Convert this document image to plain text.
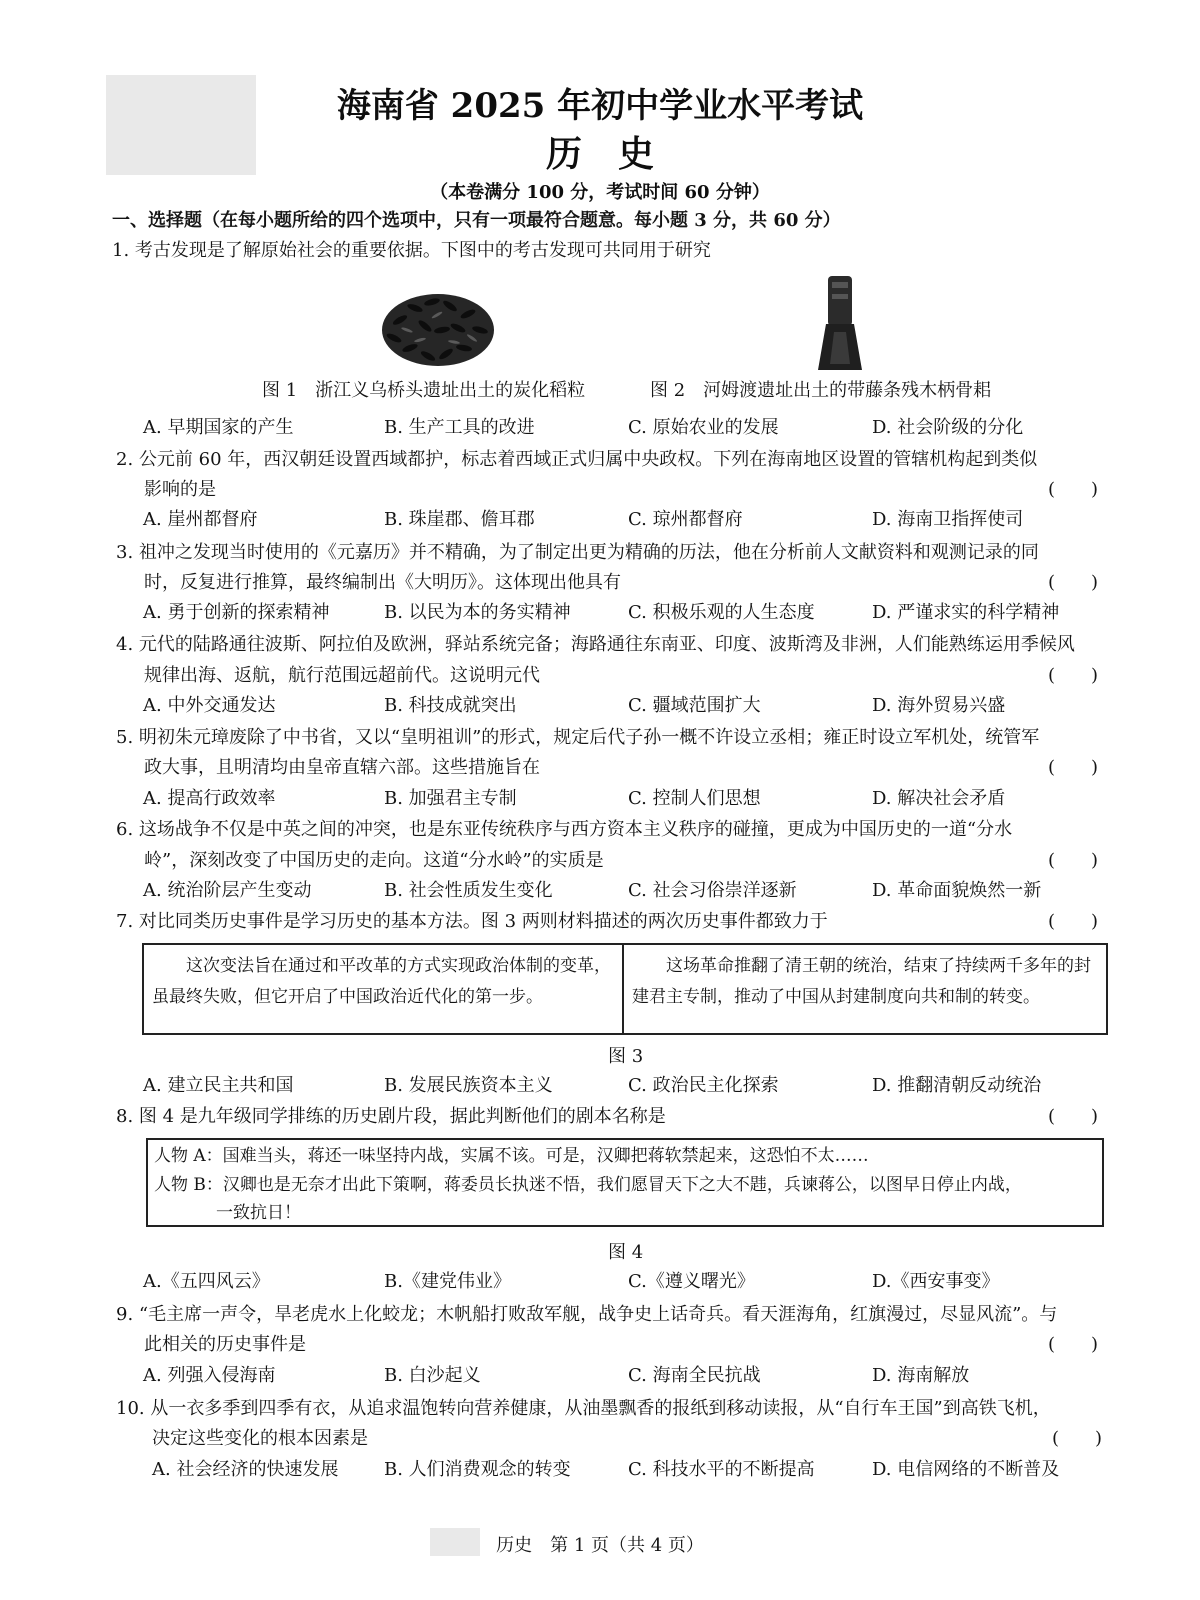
海南省 2025 年初中学业水平考试
历　史
（本卷满分 100 分，考试时间 60 分钟）
一、选择题（在每小题所给的四个选项中，只有一项最符合题意。每小题 3 分，共 60 分）
1. 考古发现是了解原始社会的重要依据。下图中的考古发现可共同用于研究
图 1　浙江义乌桥头遗址出土的炭化稻粒	图 2　河姆渡遗址出土的带藤条残木柄骨耜
A. 早期国家的产生	B. 生产工具的改进	C. 原始农业的发展	D. 社会阶级的分化
2. 公元前 60 年，西汉朝廷设置西域都护，标志着西域正式归属中央政权。下列在海南地区设置的管辖机构起到类似
影响的是	(　　)
A. 崖州都督府	B. 珠崖郡、儋耳郡	C. 琼州都督府	D. 海南卫指挥使司
3. 祖冲之发现当时使用的《元嘉历》并不精确，为了制定出更为精确的历法，他在分析前人文献资料和观测记录的同
时，反复进行推算，最终编制出《大明历》。这体现出他具有	(　　)
A. 勇于创新的探索精神	B. 以民为本的务实精神	C. 积极乐观的人生态度	D. 严谨求实的科学精神
4. 元代的陆路通往波斯、阿拉伯及欧洲，驿站系统完备；海路通往东南亚、印度、波斯湾及非洲，人们能熟练运用季候风
规律出海、返航，航行范围远超前代。这说明元代	(　　)
A. 中外交通发达	B. 科技成就突出	C. 疆域范围扩大	D. 海外贸易兴盛
5. 明初朱元璋废除了中书省，又以“皇明祖训”的形式，规定后代子孙一概不许设立丞相；雍正时设立军机处，统管军
政大事，且明清均由皇帝直辖六部。这些措施旨在	(　　)
A. 提高行政效率	B. 加强君主专制	C. 控制人们思想	D. 解决社会矛盾
6. 这场战争不仅是中英之间的冲突，也是东亚传统秩序与西方资本主义秩序的碰撞，更成为中国历史的一道“分水
岭”，深刻改变了中国历史的走向。这道“分水岭”的实质是	(　　)
A. 统治阶层产生变动	B. 社会性质发生变化	C. 社会习俗崇洋逐新	D. 革命面貌焕然一新
7. 对比同类历史事件是学习历史的基本方法。图 3 两则材料描述的两次历史事件都致力于	(　　)
这次变法旨在通过和平改革的方式实现政治体制的变革，虽最终失败，但它开启了中国政治近代化的第一步。
这场革命推翻了清王朝的统治，结束了持续两千多年的封建君主专制，推动了中国从封建制度向共和制的转变。
图 3
A. 建立民主共和国	B. 发展民族资本主义	C. 政治民主化探索	D. 推翻清朝反动统治
8. 图 4 是九年级同学排练的历史剧片段，据此判断他们的剧本名称是	(　　)
人物 A：国难当头，蒋还一味坚持内战，实属不该。可是，汉卿把蒋软禁起来，这恐怕不太……
人物 B：汉卿也是无奈才出此下策啊，蒋委员长执迷不悟，我们愿冒天下之大不韪，兵谏蒋公，以图早日停止内战，
一致抗日！
图 4
A.《五四风云》	B.《建党伟业》	C.《遵义曙光》	D.《西安事变》
9. “毛主席一声令，旱老虎水上化蛟龙；木帆船打败敌军舰，战争史上话奇兵。看天涯海角，红旗漫过，尽显风流”。与
此相关的历史事件是	(　　)
A. 列强入侵海南	B. 白沙起义	C. 海南全民抗战	D. 海南解放
10. 从一衣多季到四季有衣，从追求温饱转向营养健康，从油墨飘香的报纸到移动读报，从“自行车王国”到高铁飞机，
决定这些变化的根本因素是	(　　)
A. 社会经济的快速发展	B. 人们消费观念的转变	C. 科技水平的不断提高	D. 电信网络的不断普及
历史　第 1 页（共 4 页）
